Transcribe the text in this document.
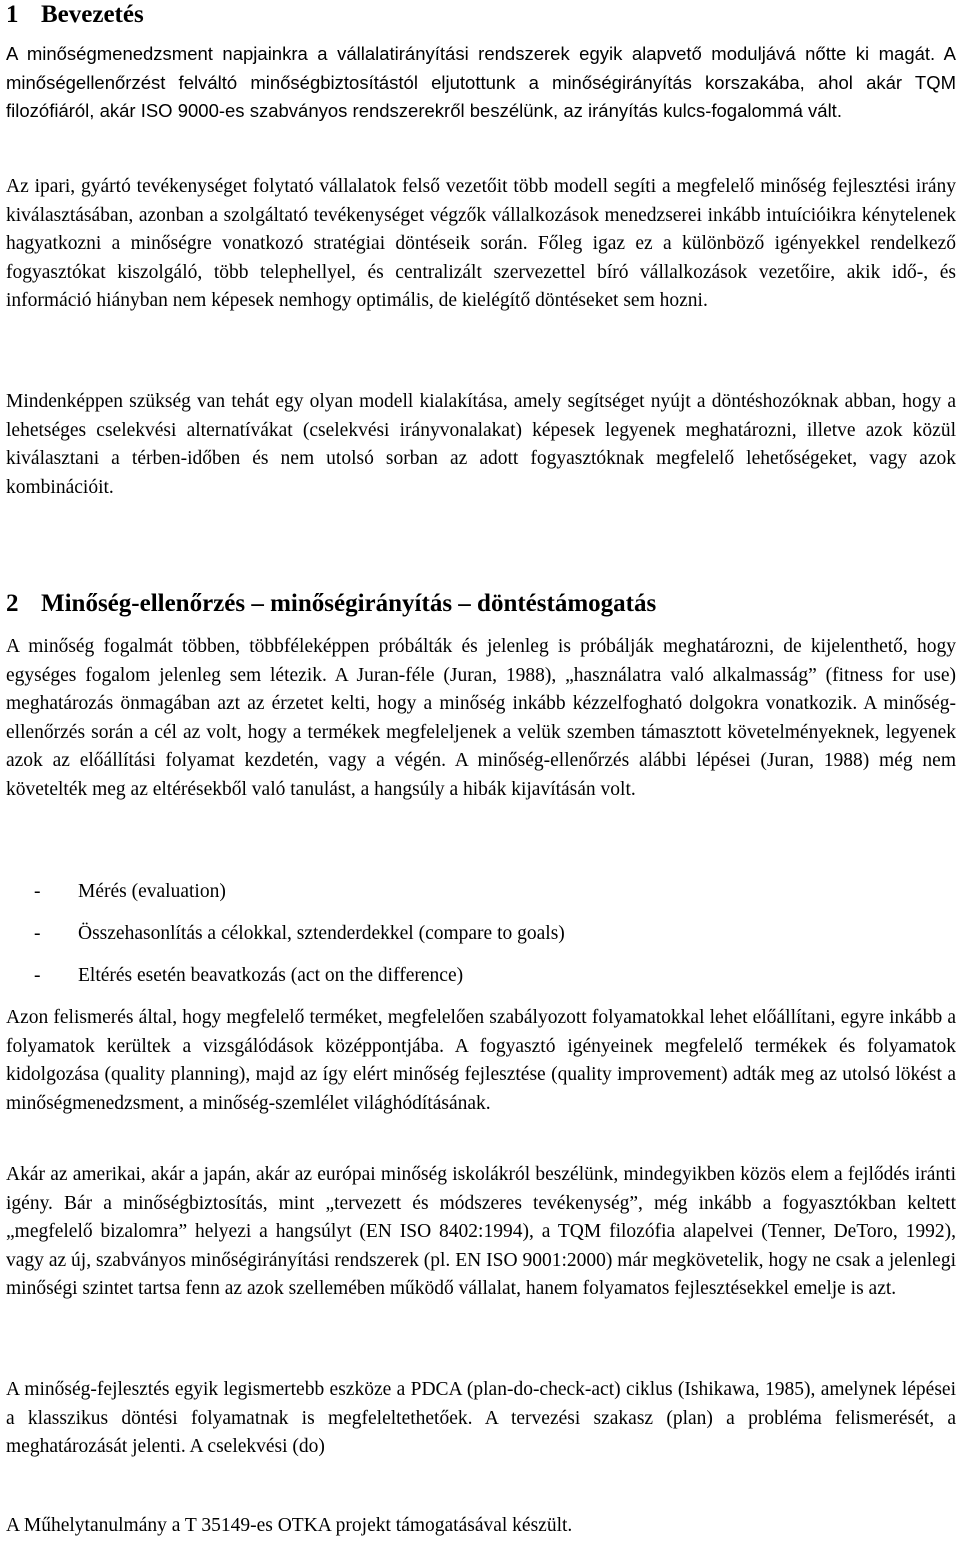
1 Bevezetés

A minőségmenedzsment napjainkra a vállalatirányítási rendszerek egyik alapvető moduljává nőtte ki magát. A minőségellenőrzést felváltó minőségbiztosítástól eljutottunk a minőségirányítás korszakába, ahol akár TQM filozófiáról, akár ISO 9000-es szabványos rendszerekről beszélünk, az irányítás kulcs-fogalommá vált.

Az ipari, gyártó tevékenységet folytató vállalatok felső vezetőit több modell segíti a megfelelő minőség fejlesztési irány kiválasztásában, azonban a szolgáltató tevékenységet végzők vállalkozások menedzserei inkább intuícióikra kénytelenek hagyatkozni a minőségre vonatkozó stratégiai döntéseik során. Főleg igaz ez a különböző igényekkel rendelkező fogyasztókat kiszolgáló, több telephellyel, és centralizált szervezettel bíró vállalkozások vezetőire, akik idő-, és információ hiányban nem képesek nemhogy optimális, de kielégítő döntéseket sem hozni.

Mindenképpen szükség van tehát egy olyan modell kialakítása, amely segítséget nyújt a döntéshozóknak abban, hogy a lehetséges cselekvési alternatívákat (cselekvési irányvonalakat) képesek legyenek meghatározni, illetve azok közül kiválasztani a térben-időben és nem utolsó sorban az adott fogyasztóknak megfelelő lehetőségeket, vagy azok kombinációit.

2 Minőség-ellenőrzés – minőségirányítás – döntéstámogatás

A minőség fogalmát többen, többféleképpen próbálták és jelenleg is próbálják meghatározni, de kijelenthető, hogy egységes fogalom jelenleg sem létezik. A Juran-féle (Juran, 1988), „használatra való alkalmasság” (fitness for use) meghatározás önmagában azt az érzetet kelti, hogy a minőség inkább kézzelfogható dolgokra vonatkozik. A minőség-ellenőrzés során a cél az volt, hogy a termékek megfeleljenek a velük szemben támasztott követelményeknek, legyenek azok az előállítási folyamat kezdetén, vagy a végén. A minőség-ellenőrzés alábbi lépései (Juran, 1988) még nem követelték meg az eltérésekből való tanulást, a hangsúly a hibák kijavításán volt.

- Mérés (evaluation)
- Összehasonlítás a célokkal, sztenderdekkel (compare to goals)
- Eltérés esetén beavatkozás (act on the difference)

Azon felismerés által, hogy megfelelő terméket, megfelelően szabályozott folyamatokkal lehet előállítani, egyre inkább a folyamatok kerültek a vizsgálódások középpontjába. A fogyasztó igényeinek megfelelő termékek és folyamatok kidolgozása (quality planning), majd az így elért minőség fejlesztése (quality improvement) adták meg az utolsó lökést a minőségmenedzsment, a minőség-szemlélet világhódításának.

Akár az amerikai, akár a japán, akár az európai minőség iskolákról beszélünk, mindegyikben közös elem a fejlődés iránti igény. Bár a minőségbiztosítás, mint „tervezett és módszeres tevékenység”, még inkább a fogyasztókban keltett „megfelelő bizalomra” helyezi a hangsúlyt (EN ISO 8402:1994), a TQM filozófia alapelvei (Tenner, DeToro, 1992), vagy az új, szabványos minőségirányítási rendszerek (pl. EN ISO 9001:2000) már megkövetelik, hogy ne csak a jelenlegi minőségi szintet tartsa fenn az azok szellemében működő vállalat, hanem folyamatos fejlesztésekkel emelje is azt.

A minőség-fejlesztés egyik legismertebb eszköze a PDCA (plan-do-check-act) ciklus (Ishikawa, 1985), amelynek lépései a klasszikus döntési folyamatnak is megfeleltethetőek. A tervezési szakasz (plan) a probléma felismerését, a meghatározását jelenti. A cselekvési (do)

A Műhelytanulmány a T 35149-es OTKA projekt támogatásával készült.
